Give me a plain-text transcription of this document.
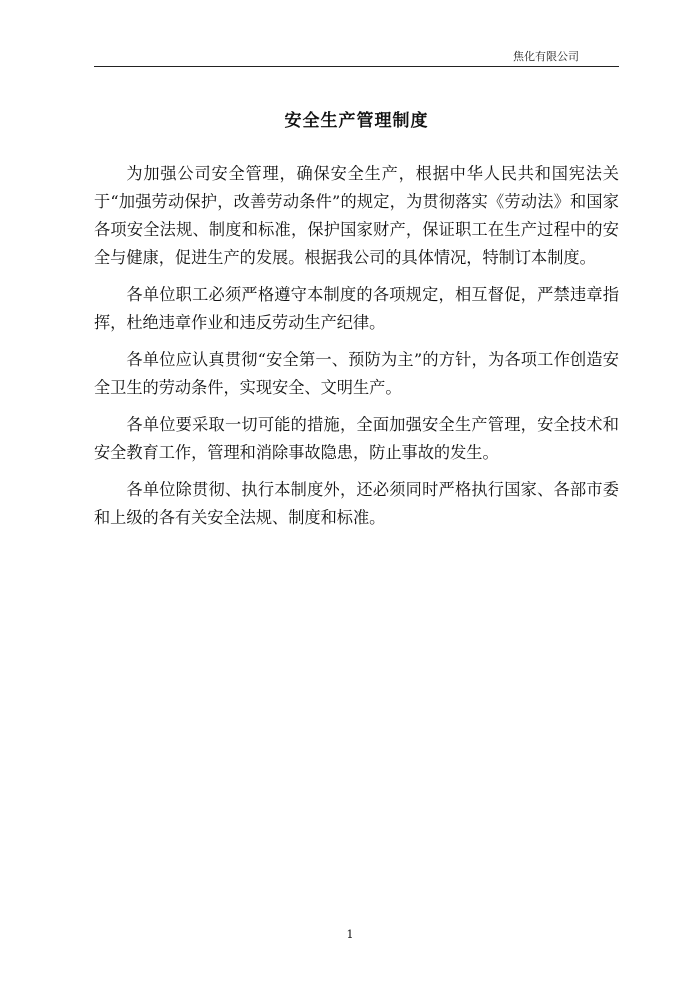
焦化有限公司
安全生产管理制度

为加强公司安全管理，确保安全生产，根据中华人民共和国宪法关于“加强劳动保护，改善劳动条件”的规定，为贯彻落实《劳动法》和国家各项安全法规、制度和标准，保护国家财产，保证职工在生产过程中的安全与健康，促进生产的发展。根据我公司的具体情况，特制订本制度。

各单位职工必须严格遵守本制度的各项规定，相互督促，严禁违章指挥，杜绝违章作业和违反劳动生产纪律。

各单位应认真贯彻“安全第一、预防为主”的方针，为各项工作创造安全卫生的劳动条件，实现安全、文明生产。

各单位要采取一切可能的措施，全面加强安全生产管理，安全技术和安全教育工作，管理和消除事故隐患，防止事故的发生。

各单位除贯彻、执行本制度外，还必须同时严格执行国家、各部市委和上级的各有关安全法规、制度和标准。

1
